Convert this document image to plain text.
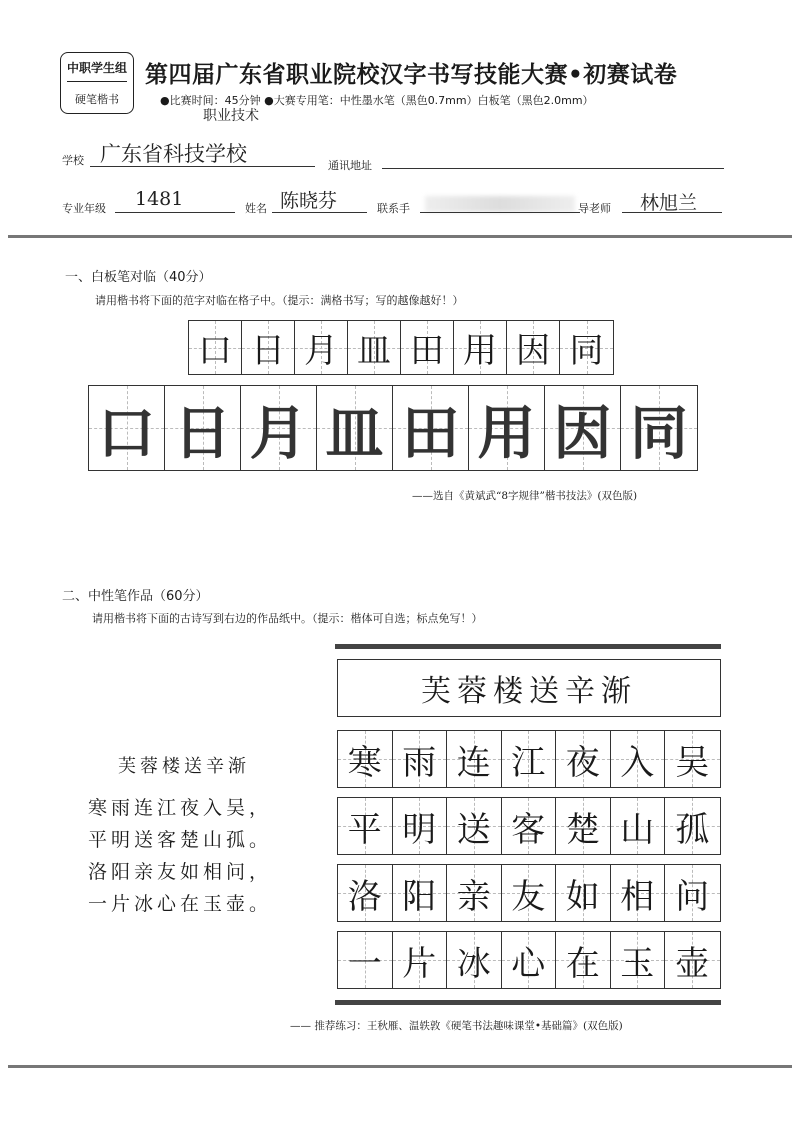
中职学生组
硬笔楷书
第四届广东省职业院校汉字书写技能大赛•初赛试卷
●比赛时间：45分钟 ●大赛专用笔：中性墨水笔（黑色0.7mm）白板笔（黑色2.0mm）
学校 广东省科技学校
职业技术
通讯地址
专业年级 1481	姓名 陈晓芬	联系手	导老师 林旭兰
一、白板笔对临（40分）
请用楷书将下面的范字对临在格子中。（提示：满格书写；写的越像越好！）
口 日 月 皿 田 用 因 同
口 日 月 皿 田 用 因 同
——选自《黄斌武“8字规律”楷书技法》(双色版)
二、中性笔作品（60分）
请用楷书将下面的古诗写到右边的作品纸中。（提示：楷体可自选；标点免写！）
芙蓉楼送辛渐
寒雨连江夜入吴，
平明送客楚山孤。
洛阳亲友如相问，
一片冰心在玉壶。
芙蓉楼送辛渐
寒 雨 连 江 夜 入 吴
平 明 送 客 楚 山 孤
洛 阳 亲 友 如 相 问
一 片 冰 心 在 玉 壶
—— 推荐练习：王秋雁、温轶敦《硬笔书法趣味课堂•基础篇》(双色版)
